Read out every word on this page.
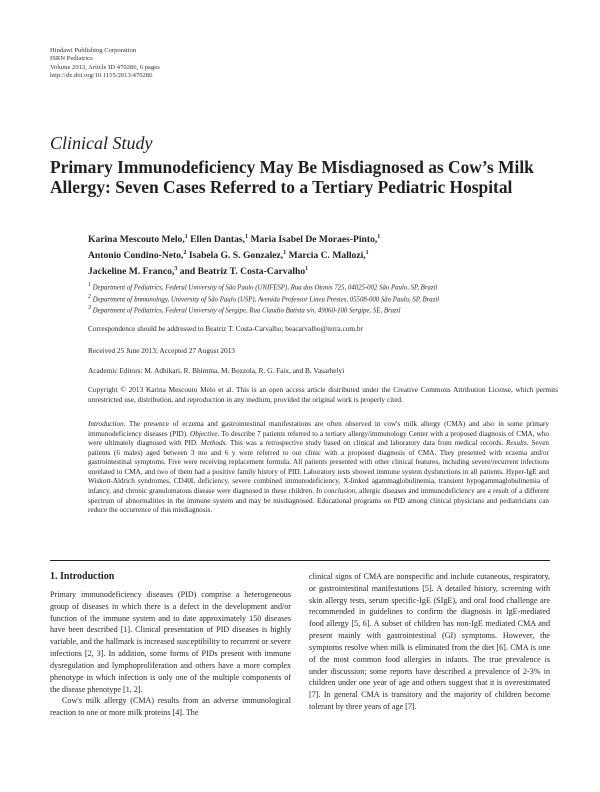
Hindawi Publishing Corporation
ISRN Pediatrics
Volume 2013, Article ID 470286, 6 pages
http://dx.doi.org/10.1155/2013/470286
Clinical Study
Primary Immunodeficiency May Be Misdiagnosed as Cow’s Milk Allergy: Seven Cases Referred to a Tertiary Pediatric Hospital
Karina Mescouto Melo,$^1$ Ellen Dantas,$^1$ Maria Isabel De Moraes-Pinto,$^1$
Antonio Condino-Neto,$^2$ Isabela G. S. Gonzalez,$^1$ Marcia C. Mallozi,$^1$
Jackeline M. Franco,$^3$ and Beatriz T. Costa-Carvalho$^1$
$^1$ Department of Pediatrics, Federal University of São Paulo (UNIFESP), Rua dos Otonis 725, 04025-002 São Paulo, SP, Brazil
$^2$ Department of Immunology, University of São Paulo (USP), Avenida Professor Lineu Prestes, 05508-000 São Paulo, SP, Brazil
$^3$ Department of Pediatrics, Federal University of Sergipe, Rua Claudio Batista s/n, 49060-100 Sergipe, SE, Brazil
Correspondence should be addressed to Beatriz T. Costa-Carvalho; beacarvalho@terra.com.br
Received 25 June 2013; Accepted 27 August 2013
Academic Editors: M. Adhikari, R. Bhimma, M. Bozzola, R. G. Faix, and B. Vasarhelyi
Copyright © 2013 Karina Mescouto Melo et al. This is an open access article distributed under the Creative Commons Attribution License, which permits unrestricted use, distribution, and reproduction in any medium, provided the original work is properly cited.
Introduction. The presence of eczema and gastrointestinal manifestations are often observed in cow's milk allergy (CMA) and also in some primary immunodeficiency diseases (PID). Objective. To describe 7 patients referred to a tertiary allergy/immunology Center with a proposed diagnosis of CMA, who were ultimately diagnosed with PID. Methods. This was a retrospective study based on clinical and laboratory data from medical records. Results. Seven patients (6 males) aged between 3 mo and 6 y were referred to our clinic with a proposed diagnosis of CMA. They presented with eczema and/or gastrointestinal symptoms. Five were receiving replacement formula. All patients presented with other clinical features, including severe/recurrent infections unrelated to CMA, and two of them had a positive family history of PID. Laboratory tests showed immune system dysfunctions in all patients. Hyper-IgE and Wiskott-Aldrich syndromes, CD40L deficiency, severe combined immunodeficiency, X-linked agammaglobulinemia, transient hypogammaglobulinemia of infancy, and chronic granulomatous disease were diagnosed in these children. In conclusion, allergic diseases and immunodeficiency are a result of a different spectrum of abnormalities in the immune system and may be misdiagnosed. Educational programs on PID among clinical physicians and pediatricians can reduce the occurrence of this misdiagnosis.
1. Introduction

Primary immunodeficiency diseases (PID) comprise a heterogeneous group of diseases in which there is a defect in the development and/or function of the immune system and to date approximately 150 diseases have been described [1]. Clinical presentation of PID diseases is highly variable, and the hallmark is increased susceptibility to recurrent or severe infections [2, 3]. In addition, some forms of PIDs present with immune dysregulation and lymphoproliferation and others have a more complex phenotype in which infection is only one of the multiple components of the disease phenotype [1, 2].

Cow's milk allergy (CMA) results from an adverse immunological reaction to one or more milk proteins [4]. The

clinical signs of CMA are nonspecific and include cutaneous, respiratory, or gastrointestinal manifestations [5]. A detailed history, screening with skin allergy tests, serum specific-IgE (SIgE), and oral food challenge are recommended in guidelines to confirm the diagnosis in IgE-mediated food allergy [5, 6]. A subset of children has non-IgE mediated CMA and present mainly with gastrointestinal (GI) symptoms. However, the symptoms resolve when milk is eliminated from the diet [6]. CMA is one of the most common food allergies in infants. The true prevalence is under discussion; some reports have described a prevalence of 2-3% in children under one year of age and others suggest that it is overestimated [7]. In general CMA is transitory and the majority of children become tolerant by three years of age [7].
